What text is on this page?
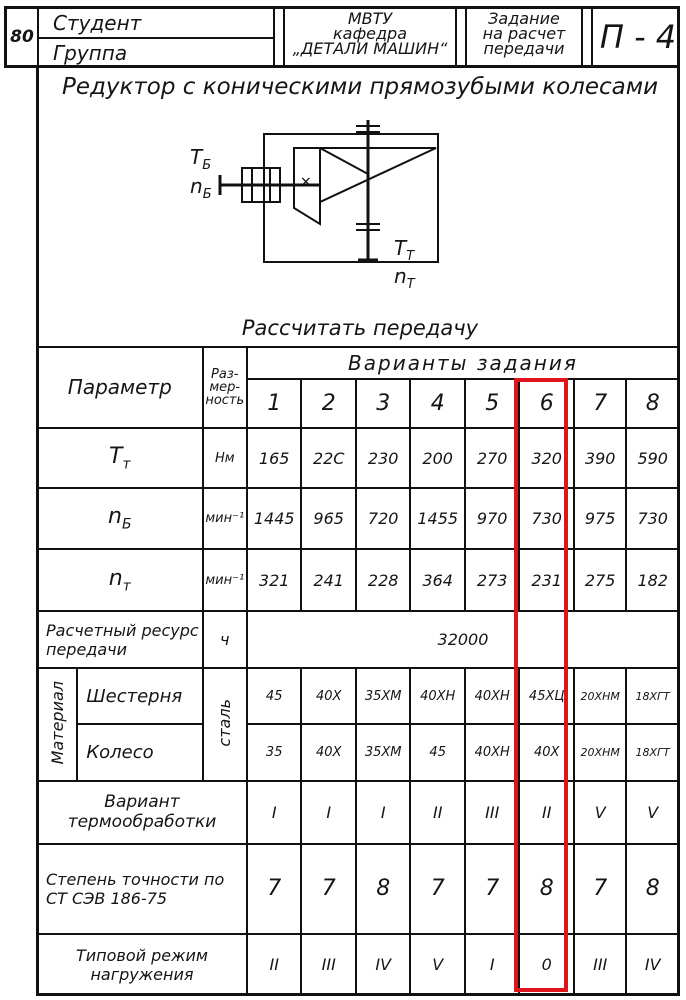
80
Студент
Группа
МВТУ
кафедра
„ДЕТАЛИ МАШИН“
Задание
на расчет
передачи	П - 4
Редуктор с коническими прямозубыми колесами
×
$Т_Б$
$n_Б$
$Т_Т$
$n_Т$
Рассчитать передачу
Параметр		Раз-мер-ность	Варианты задания							
			1	2	3	4	5	6	7	8
$Т_т$		Нм	165	22С	230	200	270	320	390	590
$n_Б$		мин⁻¹	1445	965	720	1455	970	730	975	730
$n_т$		мин⁻¹	321	241	228	364	273	231	275	182
Расчетный ресурс передачи		ч	32000							
Материал	Шестерня	сталь	45	40Х	35ХМ	40ХН	40ХН	45ХЦ	20ХНМ	18ХГТ
	Колесо		35	40Х	35ХМ	45	40ХН	40Х	20ХНМ	18ХГТ
Вариант термообработки			I	I	I	II	III	II	V	V
Степень точности по СТ СЭВ 186-75			7	7	8	7	7	8	7	8
Типовой режим нагружения			II	III	IV	V	I	0	III	IV
